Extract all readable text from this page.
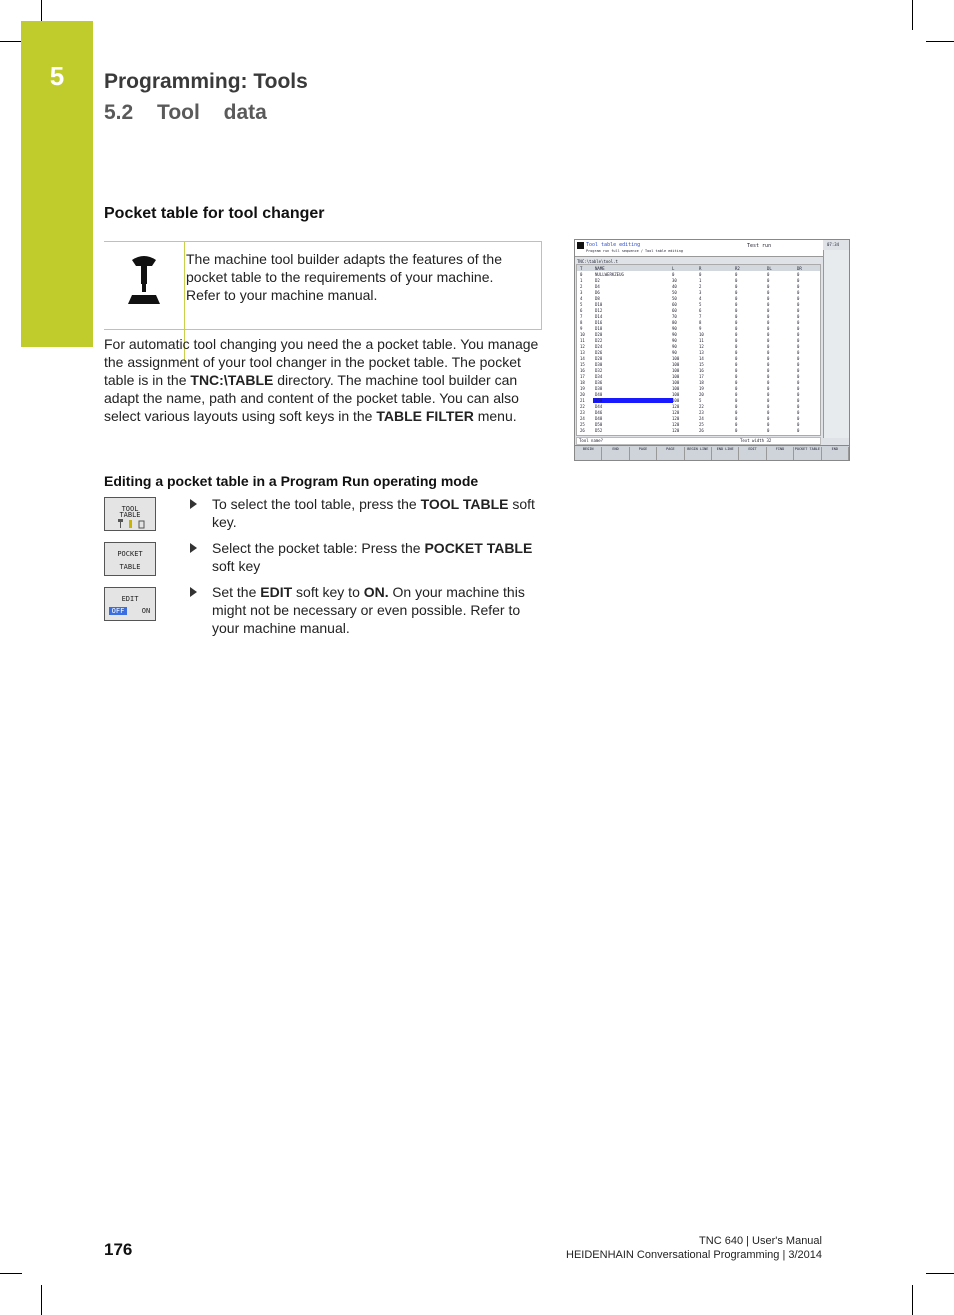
5	Programming: Tools
5.2 Tool data
Pocket table for tool changer
The machine tool builder adapts the features of the pocket table to the requirements of your machine. Refer to your machine manual.
For automatic tool changing you need the a pocket table. You manage the assignment of your tool changer in the pocket table. The pocket table is in the TNC:\TABLE directory. The machine tool builder can adapt the name, path and content of the pocket table. You can also select various layouts using soft keys in the TABLE FILTER menu.
Editing a pocket table in a Program Run operating mode
TOOL
TABLE
POCKET
TABLE
EDIT
OFF	ON
To select the tool table, press the TOOL TABLE soft key.
Select the pocket table: Press the POCKET TABLE soft key
Set the EDIT soft key to ON. On your machine this might not be necessary or even possible. Refer to your machine manual.
Tool table editing
Program run full sequence / Tool table editing
Test run	07:34
TNC:\table\tool.t
T	NAME	L	R	R2	DL	DR
0	NULLWERKZEUG	0	0	0	0	0
1	D2	30	1	0	0	0
2	D4	40	2	0	0	0
3	D6	50	3	0	0	0
4	D8	50	4	0	0	0
5	D10	60	5	0	0	0
6	D12	60	6	0	0	0
7	D14	70	7	0	0	0
8	D16	80	8	0	0	0
9	D18	90	9	0	0	0
10	D20	90	10	0	0	0
11	D22	90	11	0	0	0
12	D24	90	12	0	0	0
13	D26	90	13	0	0	0
14	D28	100	14	0	0	0
15	D30	100	15	0	0	0
16	D32	100	16	0	0	0
17	D34	100	17	0	0	0
18	D36	100	18	0	0	0
19	D38	100	19	0	0	0
20	D40	100	20	0	0	0
21	D50	100	5	0	0	0
22	D44	120	22	0	0	0
23	D46	120	23	0	0	0
24	D48	120	24	0	0	0
25	D50	120	25	0	0	0
26	D52	120	26	0	0	0
Tool name?	Text width 32
BEGIN	END	PAGE	PAGE	BEGIN LINE	END LINE	EDIT	FIND	POCKET TABLE	END
176	TNC 640 | User's Manual
HEIDENHAIN Conversational Programming | 3/2014
